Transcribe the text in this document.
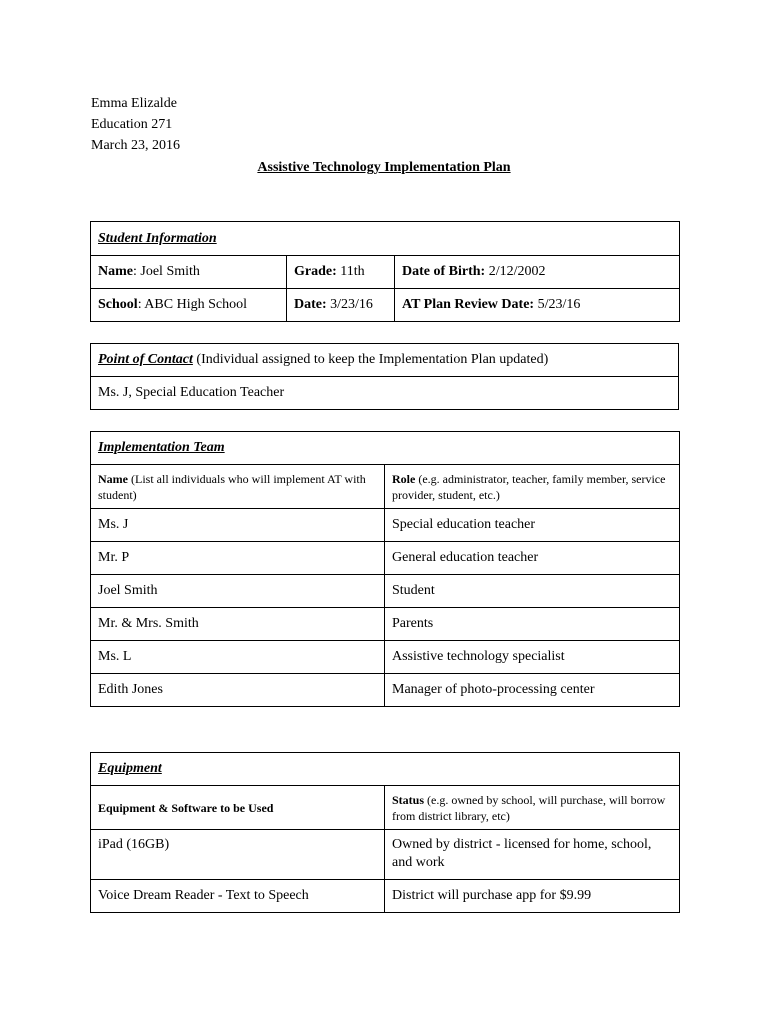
Emma Elizalde
Education 271
March 23, 2016
Assistive Technology Implementation Plan
Student Information		
Name: Joel Smith	Grade: 11th	Date of Birth: 2/12/2002
School: ABC High School	Date: 3/23/16	AT Plan Review Date: 5/23/16
Point of Contact (Individual assigned to keep the Implementation Plan updated)
Ms. J, Special Education Teacher
Implementation Team	
Name (List all individuals who will implement AT with student)	Role (e.g. administrator, teacher, family member, service provider, student, etc.)
Ms. J	Special education teacher
Mr. P	General education teacher
Joel Smith	Student
Mr. & Mrs. Smith	Parents
Ms. L	Assistive technology specialist
Edith Jones	Manager of photo-processing center
Equipment	
Equipment & Software to be Used	Status (e.g. owned by school, will purchase, will borrow from district library, etc)
iPad (16GB)	Owned by district - licensed for home, school, and work
Voice Dream Reader - Text to Speech	District will purchase app for $9.99
